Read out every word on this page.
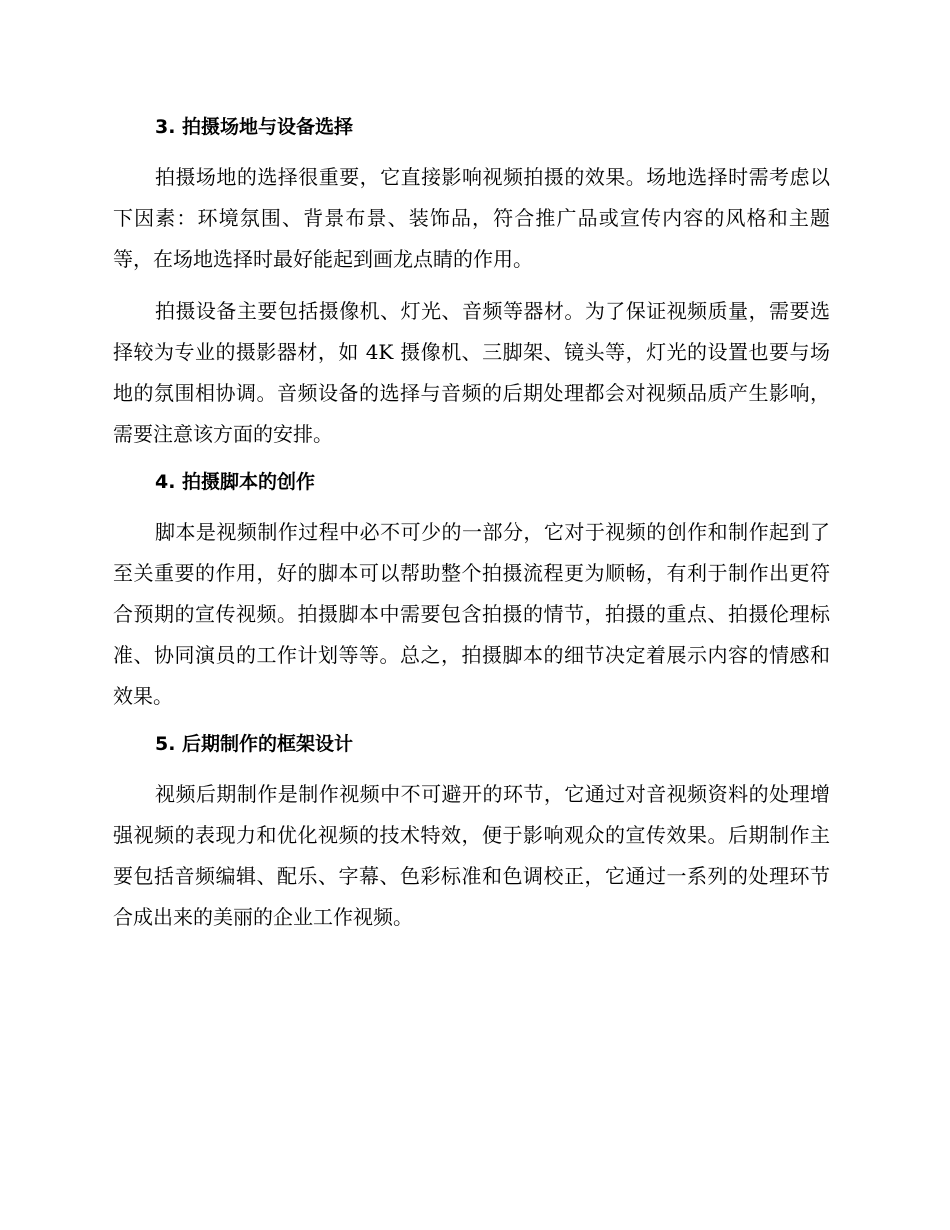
3. 拍摄场地与设备选择

拍摄场地的选择很重要，它直接影响视频拍摄的效果。场地选择时需考虑以下因素：环境氛围、背景布景、装饰品，符合推广品或宣传内容的风格和主题等，在场地选择时最好能起到画龙点睛的作用。

拍摄设备主要包括摄像机、灯光、音频等器材。为了保证视频质量，需要选择较为专业的摄影器材，如 4K 摄像机、三脚架、镜头等，灯光的设置也要与场地的氛围相协调。音频设备的选择与音频的后期处理都会对视频品质产生影响，需要注意该方面的安排。

4. 拍摄脚本的创作

脚本是视频制作过程中必不可少的一部分，它对于视频的创作和制作起到了至关重要的作用，好的脚本可以帮助整个拍摄流程更为顺畅，有利于制作出更符合预期的宣传视频。拍摄脚本中需要包含拍摄的情节，拍摄的重点、拍摄伦理标准、协同演员的工作计划等等。总之，拍摄脚本的细节决定着展示内容的情感和效果。

5. 后期制作的框架设计

视频后期制作是制作视频中不可避开的环节，它通过对音视频资料的处理增强视频的表现力和优化视频的技术特效，便于影响观众的宣传效果。后期制作主要包括音频编辑、配乐、字幕、色彩标准和色调校正，它通过一系列的处理环节合成出来的美丽的企业工作视频。
